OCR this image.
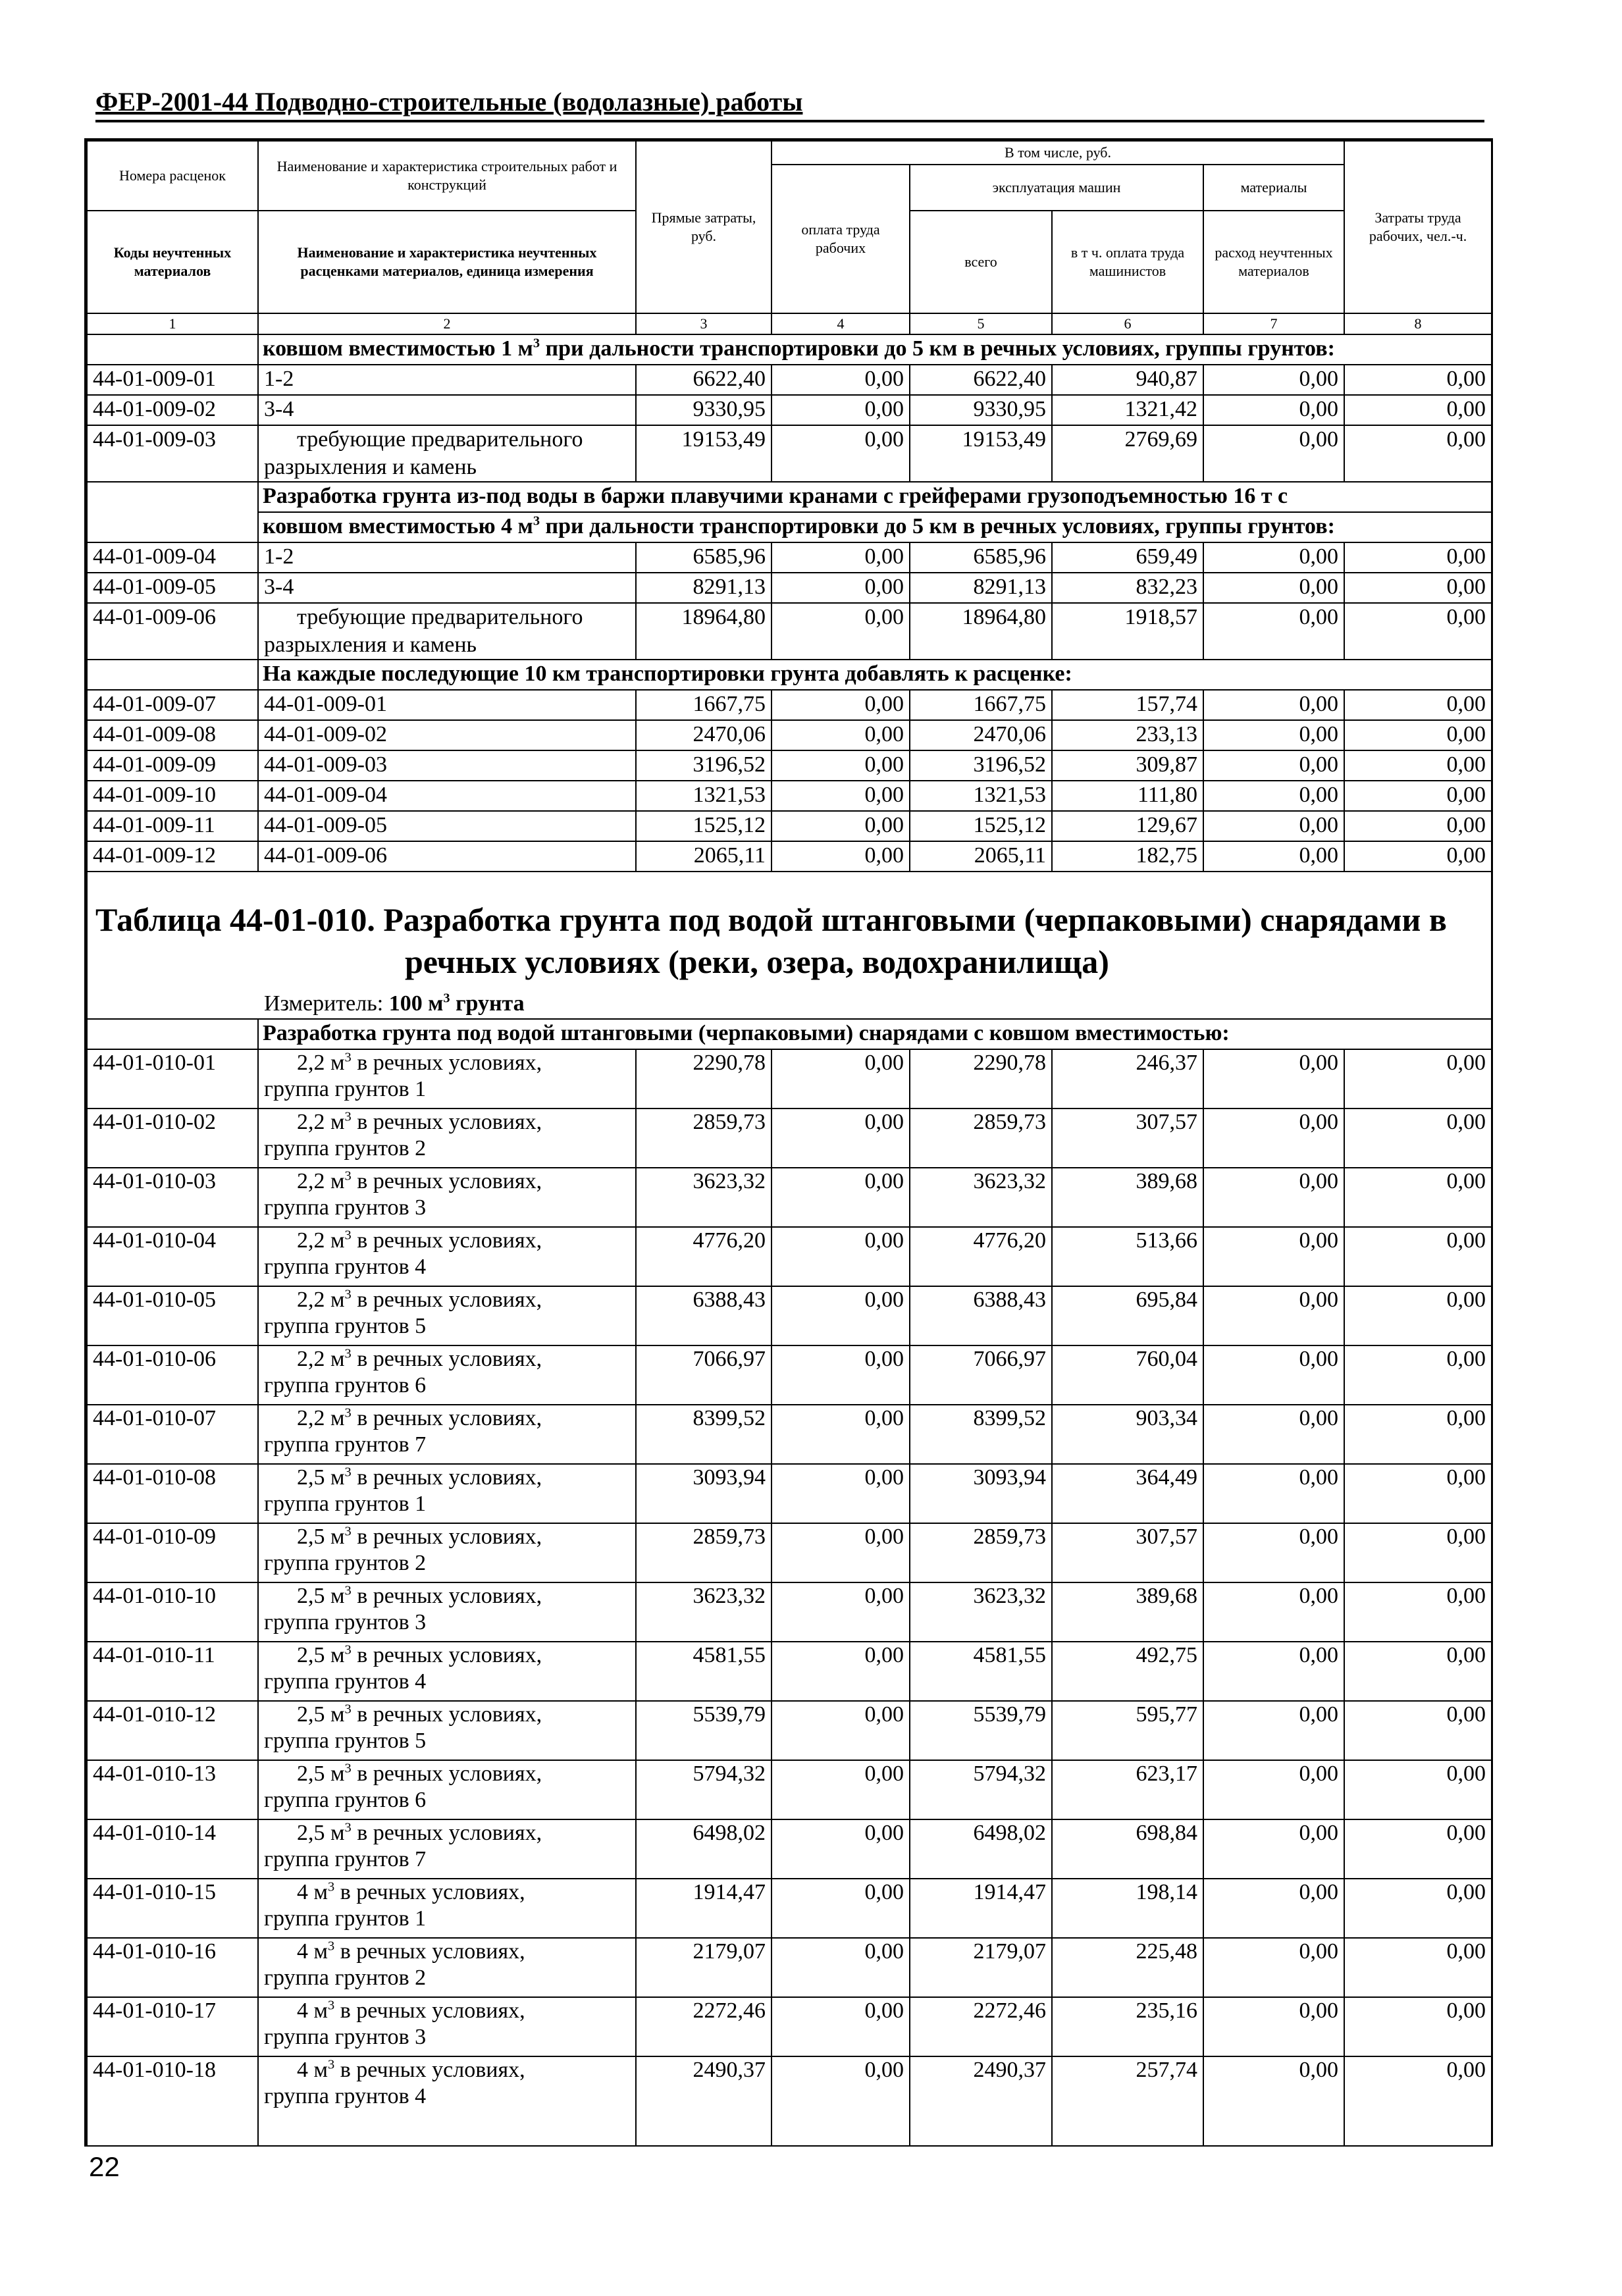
ФЕР-2001-44 Подводно-строительные (водолазные) работы
Номера расценок	Наименование и характеристика строительных работ и конструкций	Прямые затраты, руб.	В том числе, руб.				Затраты труда рабочих, чел.-ч.
			оплата труда рабочих	эксплуатация машин		материалы	
Коды неучтенных материалов	Наименование и характеристика неучтенных расценками материалов, единица измерения			всего	в т ч. оплата труда машинистов	расход неучтенных материалов	

1	2	3	4	5	6	7	8
	ковшом вместимостью 1 $м^3$ при дальности транспортировки до 5 км в речных условиях, группы грунтов:						
44-01-009-01	1-2	6622,40	0,00	6622,40	940,87	0,00	0,00
44-01-009-02	3-4	9330,95	0,00	9330,95	1321,42	0,00	0,00
44-01-009-03	требующие предварительного
разрыхления и камень	19153,49	0,00	19153,49	2769,69	0,00	0,00
	Разработка грунта из-под воды в баржи плавучими кранами с грейферами грузоподъемностью 16 т с						
	ковшом вместимостью 4 $м^3$ при дальности транспортировки до 5 км в речных условиях, группы грунтов:						
44-01-009-04	1-2	6585,96	0,00	6585,96	659,49	0,00	0,00
44-01-009-05	3-4	8291,13	0,00	8291,13	832,23	0,00	0,00
44-01-009-06	требующие предварительного
разрыхления и камень	18964,80	0,00	18964,80	1918,57	0,00	0,00
	На каждые последующие 10 км транспортировки грунта добавлять к расценке:						
44-01-009-07	44-01-009-01	1667,75	0,00	1667,75	157,74	0,00	0,00
44-01-009-08	44-01-009-02	2470,06	0,00	2470,06	233,13	0,00	0,00
44-01-009-09	44-01-009-03	3196,52	0,00	3196,52	309,87	0,00	0,00
44-01-009-10	44-01-009-04	1321,53	0,00	1321,53	111,80	0,00	0,00
44-01-009-11	44-01-009-05	1525,12	0,00	1525,12	129,67	0,00	0,00
44-01-009-12	44-01-009-06	2065,11	0,00	2065,11	182,75	0,00	0,00

Таблица 44-01-010. Разработка грунта под водой штанговыми (черпаковыми) снарядами в
речных условиях (реки, озера, водохранилища)
Измеритель: 100 $м^3$ грунта							

	Разработка грунта под водой штанговыми (черпаковыми) снарядами с ковшом вместимостью:						
44-01-010-01	2,2 $м^3$ в речных условиях,
группа грунтов 1	2290,78	0,00	2290,78	246,37	0,00	0,00
44-01-010-02	2,2 $м^3$ в речных условиях,
группа грунтов 2	2859,73	0,00	2859,73	307,57	0,00	0,00
44-01-010-03	2,2 $м^3$ в речных условиях,
группа грунтов 3	3623,32	0,00	3623,32	389,68	0,00	0,00
44-01-010-04	2,2 $м^3$ в речных условиях,
группа грунтов 4	4776,20	0,00	4776,20	513,66	0,00	0,00
44-01-010-05	2,2 $м^3$ в речных условиях,
группа грунтов 5	6388,43	0,00	6388,43	695,84	0,00	0,00
44-01-010-06	2,2 $м^3$ в речных условиях,
группа грунтов 6	7066,97	0,00	7066,97	760,04	0,00	0,00
44-01-010-07	2,2 $м^3$ в речных условиях,
группа грунтов 7	8399,52	0,00	8399,52	903,34	0,00	0,00
44-01-010-08	2,5 $м^3$ в речных условиях,
группа грунтов 1	3093,94	0,00	3093,94	364,49	0,00	0,00
44-01-010-09	2,5 $м^3$ в речных условиях,
группа грунтов 2	2859,73	0,00	2859,73	307,57	0,00	0,00
44-01-010-10	2,5 $м^3$ в речных условиях,
группа грунтов 3	3623,32	0,00	3623,32	389,68	0,00	0,00
44-01-010-11	2,5 $м^3$ в речных условиях,
группа грунтов 4	4581,55	0,00	4581,55	492,75	0,00	0,00
44-01-010-12	2,5 $м^3$ в речных условиях,
группа грунтов 5	5539,79	0,00	5539,79	595,77	0,00	0,00
44-01-010-13	2,5 $м^3$ в речных условиях,
группа грунтов 6	5794,32	0,00	5794,32	623,17	0,00	0,00
44-01-010-14	2,5 $м^3$ в речных условиях,
группа грунтов 7	6498,02	0,00	6498,02	698,84	0,00	0,00
44-01-010-15	4 $м^3$ в речных условиях,
группа грунтов 1	1914,47	0,00	1914,47	198,14	0,00	0,00
44-01-010-16	4 $м^3$ в речных условиях,
группа грунтов 2	2179,07	0,00	2179,07	225,48	0,00	0,00
44-01-010-17	4 $м^3$ в речных условиях,
группа грунтов 3	2272,46	0,00	2272,46	235,16	0,00	0,00
44-01-010-18	4 $м^3$ в речных условиях,
группа грунтов 4	2490,37	0,00	2490,37	257,74	0,00	0,00
22
